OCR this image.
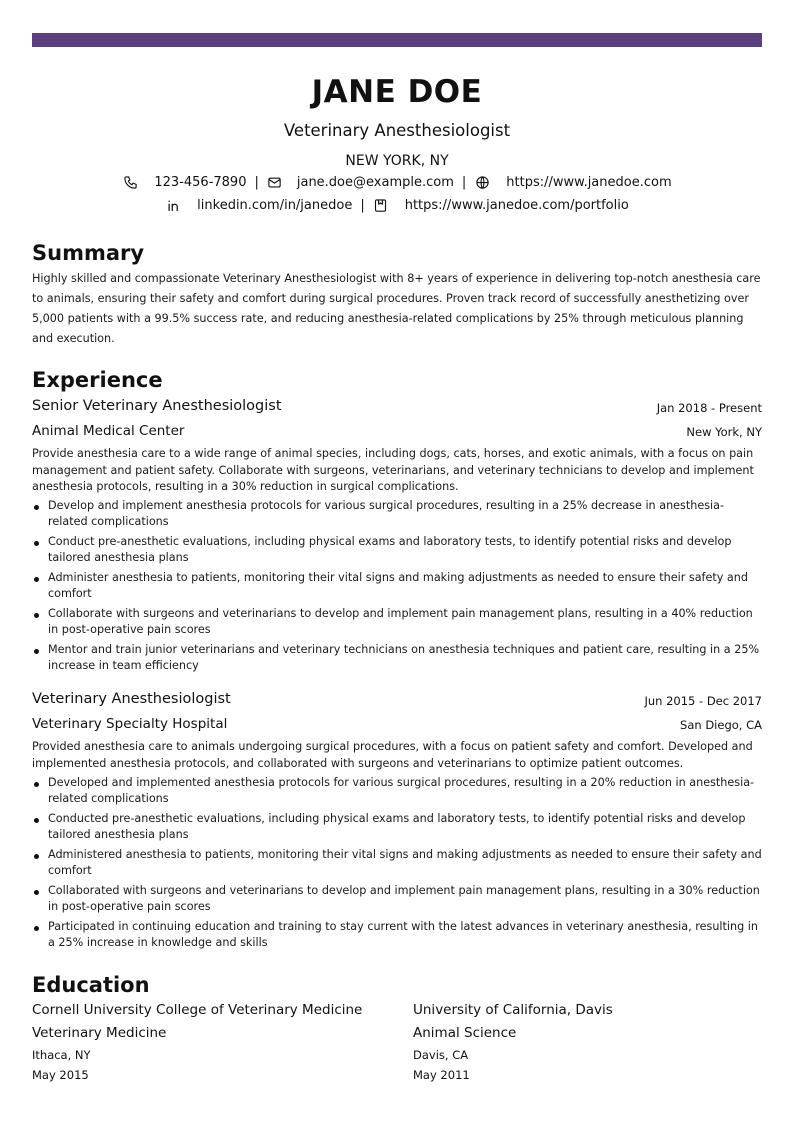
JANE DOE
Veterinary Anesthesiologist
NEW YORK, NY
123-456-7890 |	jane.doe@example.com |	https://www.janedoe.com
linkedin.com/in/janedoe |	https://www.janedoe.com/portfolio
Summary
Highly skilled and compassionate Veterinary Anesthesiologist with 8+ years of experience in delivering top-notch anesthesia care to animals, ensuring their safety and comfort during surgical procedures. Proven track record of successfully anesthetizing over 5,000 patients with a 99.5% success rate, and reducing anesthesia-related complications by 25% through meticulous planning and execution.
Experience
Senior Veterinary Anesthesiologist	Jan 2018 - Present
Animal Medical Center	New York, NY
Provide anesthesia care to a wide range of animal species, including dogs, cats, horses, and exotic animals, with a focus on pain management and patient safety. Collaborate with surgeons, veterinarians, and veterinary technicians to develop and implement anesthesia protocols, resulting in a 30% reduction in surgical complications.
Develop and implement anesthesia protocols for various surgical procedures, resulting in a 25% decrease in anesthesia-related complications
Conduct pre-anesthetic evaluations, including physical exams and laboratory tests, to identify potential risks and develop tailored anesthesia plans
Administer anesthesia to patients, monitoring their vital signs and making adjustments as needed to ensure their safety and comfort
Collaborate with surgeons and veterinarians to develop and implement pain management plans, resulting in a 40% reduction in post-operative pain scores
Mentor and train junior veterinarians and veterinary technicians on anesthesia techniques and patient care, resulting in a 25% increase in team efficiency
Veterinary Anesthesiologist	Jun 2015 - Dec 2017
Veterinary Specialty Hospital	San Diego, CA
Provided anesthesia care to animals undergoing surgical procedures, with a focus on patient safety and comfort. Developed and implemented anesthesia protocols, and collaborated with surgeons and veterinarians to optimize patient outcomes.
Developed and implemented anesthesia protocols for various surgical procedures, resulting in a 20% reduction in anesthesia-related complications
Conducted pre-anesthetic evaluations, including physical exams and laboratory tests, to identify potential risks and develop tailored anesthesia plans
Administered anesthesia to patients, monitoring their vital signs and making adjustments as needed to ensure their safety and comfort
Collaborated with surgeons and veterinarians to develop and implement pain management plans, resulting in a 30% reduction in post-operative pain scores
Participated in continuing education and training to stay current with the latest advances in veterinary anesthesia, resulting in a 25% increase in knowledge and skills
Education
Cornell University College of Veterinary Medicine
Veterinary Medicine
Ithaca, NY
May 2015
University of California, Davis
Animal Science
Davis, CA
May 2011
